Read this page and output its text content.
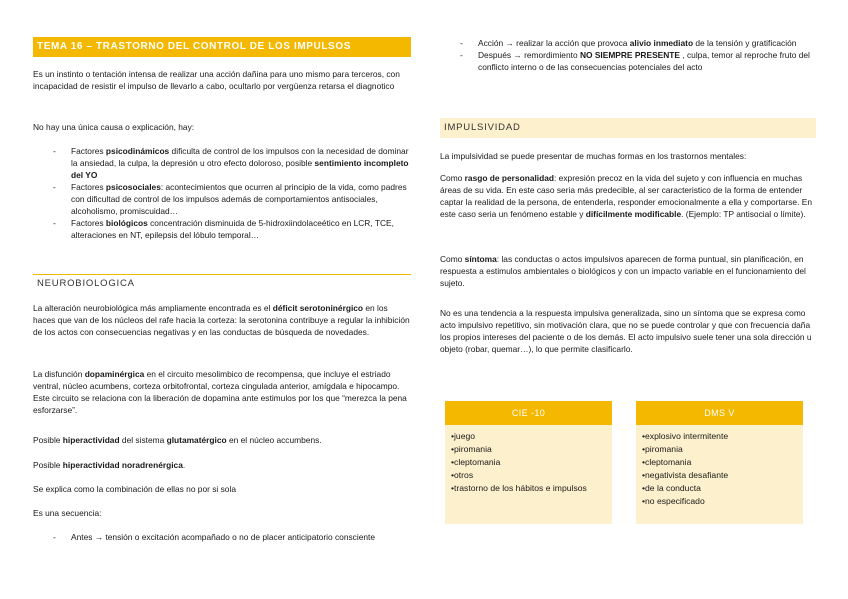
TEMA 16 – TRASTORNO DEL CONTROL DE LOS IMPULSOS

Es un instinto o tentación intensa de realizar una acción dañina para uno mismo para terceros, con incapacidad de resistir el impulso de llevarlo a cabo, ocultarlo por vergüenza retarsa el diagnotico

No hay una única causa o explicación, hay:

- Factores psicodinámicos dificulta de control de los impulsos con la necesidad de dominar la ansiedad, la culpa, la depresión u otro efecto doloroso, posible sentimiento incompleto del YO
- Factores psicosociales: acontecimientos que ocurren al principio de la vida, como padres con dificultad de control de los impulsos además de comportamientos antisociales, alcoholismo, promiscuidad…
- Factores biológicos concentración disminuida de 5-hidroxiindolaceético en LCR, TCE, alteraciones en NT, epilepsis del lóbulo temporal…
NEUROBIOLOGICA

La alteración neurobiológica más ampliamente encontrada es el déficit serotoninérgico en los haces que van de los núcleos del rafe hacia la corteza: la serotonina contribuye a regular la inhibición de los actos con consecuencias negativas y en las conductas de búsqueda de novedades.

La disfunción dopaminérgica en el circuito mesolimbico de recompensa, que incluye el estriado ventral, núcleo acumbens, corteza orbitofrontal, corteza cingulada anterior, amígdala e hipocampo. Este circuito se relaciona con la liberación de dopamina ante estimulos por los que “merezca la pena esforzarse”.

Posible hiperactividad del sistema glutamatérgico en el núcleo accumbens.

Posible hiperactividad noradrenérgica.

Se explica como la combinación de ellas no por si sola

Es una secuencia:

- Antes → tensión o excitación acompañado o no de placer anticipatorio consciente
- Acción → realizar la acción que provoca alivio inmediato de la tensión y gratificación
- Después → remordimiento NO SIEMPRE PRESENTE , culpa, temor al reproche fruto del conflicto interno o de las consecuencias potenciales del acto
IMPULSIVIDAD

La impulsividad se puede presentar de muchas formas en los trastornos mentales:

Como rasgo de personalidad: expresión precoz en la vida del sujeto y con influencia en muchas áreas de su vida. En este caso seria más predecible, al ser caracteristico de la forma de entender captar la realidad de la persona, de entenderla, responder emocionalmente a ella y comportarse. En este caso seria un fenómeno estable y difícilmente modificable. (Ejemplo: TP antisocial o límite).

Como síntoma: las conductas o actos impulsivos aparecen de forma puntual, sin planificación, en respuesta a estimulos ambientales o biológicos y con un impacto variable en el funcionamiento del sujeto.

No es una tendencia a la respuesta impulsiva generalizada, sino un síntoma que se expresa como acto impulsivo repetitivo, sin motivación clara, que no se puede controlar y que con frecuencia daña los propios intereses del paciente o de los demás. El acto impulsivo suele tener una sola dirección u objeto (robar, quemar…), lo que permite clasificarlo.

CIE -10
• juego
• piromania
• cleptomania
• otros
• trastorno de los hábitos e impulsos
DMS V
• explosivo intermitente
• piromania
• cleptomania
• negativista desafiante
• de la conducta
• no especificado
